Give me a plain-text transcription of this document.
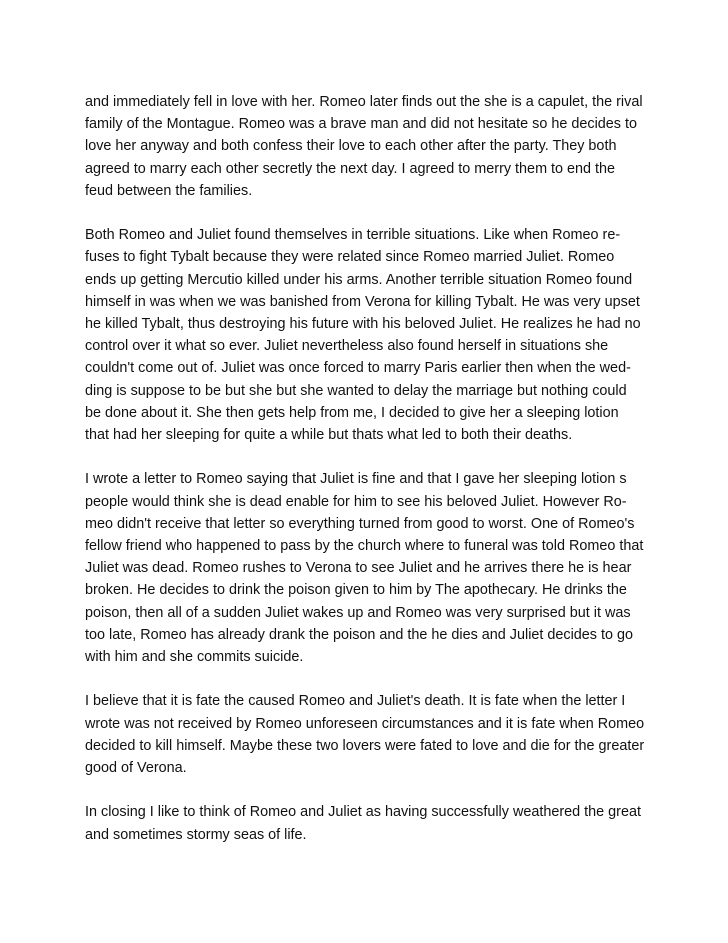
and immediately fell in love with her. Romeo later finds out the she is a capulet, the rival
family of the Montague. Romeo was a brave man and did not hesitate so he decides to
love her anyway and both confess their love to each other after the party. They both
agreed to marry each other secretly the next day. I agreed to merry them to end the
feud between the families.
Both Romeo and Juliet found themselves in terrible situations. Like when Romeo re-
fuses to fight Tybalt because they were related since Romeo married Juliet. Romeo
ends up getting Mercutio killed under his arms. Another terrible situation Romeo found
himself in was when we was banished from Verona for killing Tybalt. He was very upset
he killed Tybalt, thus destroying his future with his beloved Juliet. He realizes he had no
control over it what so ever. Juliet nevertheless also found herself in situations she
couldn't come out of. Juliet was once forced to marry Paris earlier then when the wed-
ding is suppose to be but she but she wanted to delay the marriage but nothing could
be done about it. She then gets help from me, I decided to give her a sleeping lotion
that had her sleeping for quite a while but thats what led to both their deaths.
I wrote a letter to Romeo saying that Juliet is fine and that I gave her sleeping lotion s
people would think she is dead enable for him to see his beloved Juliet. However Ro-
meo didn't receive that letter so everything turned from good to worst. One of Romeo's
fellow friend who happened to pass by the church where to funeral was told Romeo that
Juliet was dead. Romeo rushes to Verona to see Juliet and he arrives there he is hear
broken. He decides to drink the poison given to him by The apothecary. He drinks the
poison, then all of a sudden Juliet wakes up and Romeo was very surprised but it was
too late, Romeo has already drank the poison and the he dies and Juliet decides to go
with him and she commits suicide.
I believe that it is fate the caused Romeo and Juliet's death. It is fate when the letter I
wrote was not received by Romeo unforeseen circumstances and it is fate when Romeo
decided to kill himself. Maybe these two lovers were fated to love and die for the greater
good of Verona.
In closing I like to think of Romeo and Juliet as having successfully weathered the great
and sometimes stormy seas of life.
